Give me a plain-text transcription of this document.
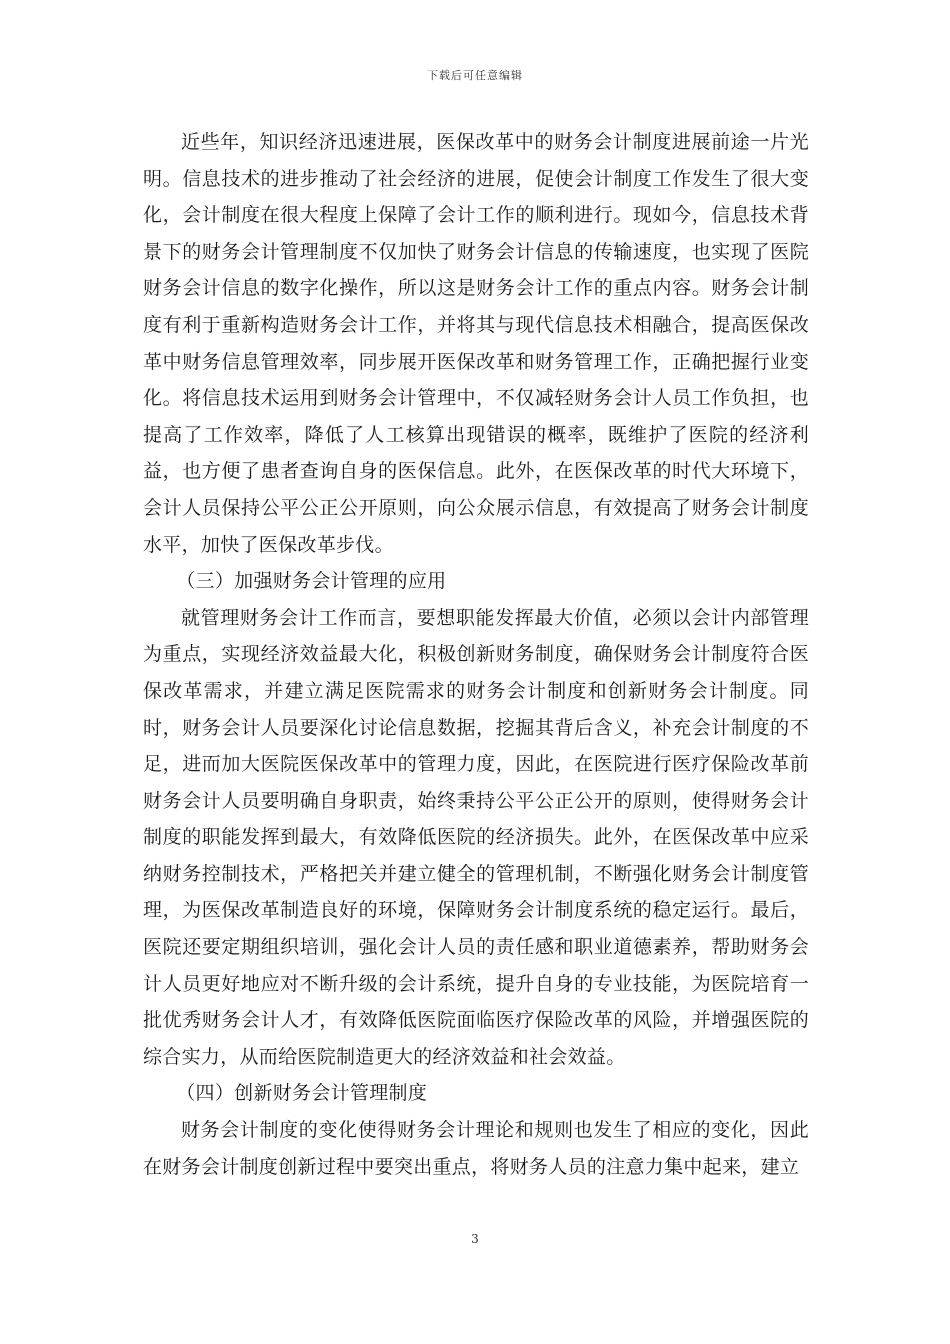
下载后可任意编辑

近些年，知识经济迅速进展，医保改革中的财务会计制度进展前途一片光明。信息技术的进步推动了社会经济的进展，促使会计制度工作发生了很大变化，会计制度在很大程度上保障了会计工作的顺利进行。现如今，信息技术背景下的财务会计管理制度不仅加快了财务会计信息的传输速度，也实现了医院财务会计信息的数字化操作，所以这是财务会计工作的重点内容。财务会计制度有利于重新构造财务会计工作，并将其与现代信息技术相融合，提高医保改革中财务信息管理效率，同步展开医保改革和财务管理工作，正确把握行业变化。将信息技术运用到财务会计管理中，不仅减轻财务会计人员工作负担，也提高了工作效率，降低了人工核算出现错误的概率，既维护了医院的经济利益，也方便了患者查询自身的医保信息。此外，在医保改革的时代大环境下，会计人员保持公平公正公开原则，向公众展示信息，有效提高了财务会计制度水平，加快了医保改革步伐。

（三）加强财务会计管理的应用

就管理财务会计工作而言，要想职能发挥最大价值，必须以会计内部管理为重点，实现经济效益最大化，积极创新财务制度，确保财务会计制度符合医保改革需求，并建立满足医院需求的财务会计制度和创新财务会计制度。同时，财务会计人员要深化讨论信息数据，挖掘其背后含义，补充会计制度的不足，进而加大医院医保改革中的管理力度，因此，在医院进行医疗保险改革前财务会计人员要明确自身职责，始终秉持公平公正公开的原则，使得财务会计制度的职能发挥到最大，有效降低医院的经济损失。此外，在医保改革中应采纳财务控制技术，严格把关并建立健全的管理机制，不断强化财务会计制度管理，为医保改革制造良好的环境，保障财务会计制度系统的稳定运行。最后，医院还要定期组织培训，强化会计人员的责任感和职业道德素养，帮助财务会计人员更好地应对不断升级的会计系统，提升自身的专业技能，为医院培育一批优秀财务会计人才，有效降低医院面临医疗保险改革的风险，并增强医院的综合实力，从而给医院制造更大的经济效益和社会效益。

（四）创新财务会计管理制度

财务会计制度的变化使得财务会计理论和规则也发生了相应的变化，因此在财务会计制度创新过程中要突出重点，将财务人员的注意力集中起来，建立

3
